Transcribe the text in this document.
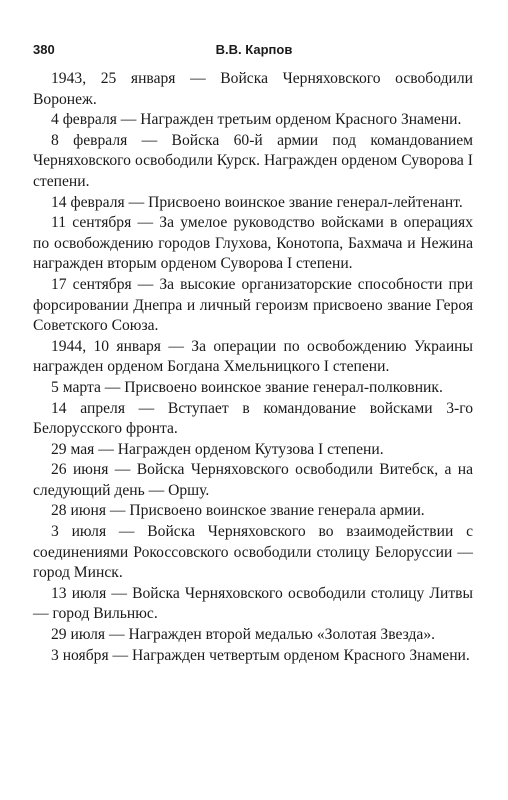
380	В.В. Карпов

1943, 25 января — Войска Черняховского освободили Воронеж.

4 февраля — Награжден третьим орденом Красного Знамени.

8 февраля — Войска 60-й армии под командованием Черняховского освободили Курск. Награжден орденом Суворова I степени.

14 февраля — Присвоено воинское звание генерал-лейтенант.

11 сентября — За умелое руководство войсками в операциях по освобождению городов Глухова, Конотопа, Бахмача и Нежина награжден вторым орденом Суворова I степени.

17 сентября — За высокие организаторские способности при форсировании Днепра и личный героизм присвоено звание Героя Советского Союза.

1944, 10 января — За операции по освобождению Украины награжден орденом Богдана Хмельницкого I степени.

5 марта — Присвоено воинское звание генерал-полковник.

14 апреля — Вступает в командование войсками 3-го Белорусского фронта.

29 мая — Награжден орденом Кутузова I степени.

26 июня — Войска Черняховского освободили Витебск, а на следующий день — Оршу.

28 июня — Присвоено воинское звание генерала армии.

3 июля — Войска Черняховского во взаимодействии с соединениями Рокоссовского освободили столицу Белоруссии — город Минск.

13 июля — Войска Черняховского освободили столицу Литвы — город Вильнюс.

29 июля — Награжден второй медалью «Золотая Звезда».

3 ноября — Награжден четвертым орденом Красного Знамени.
